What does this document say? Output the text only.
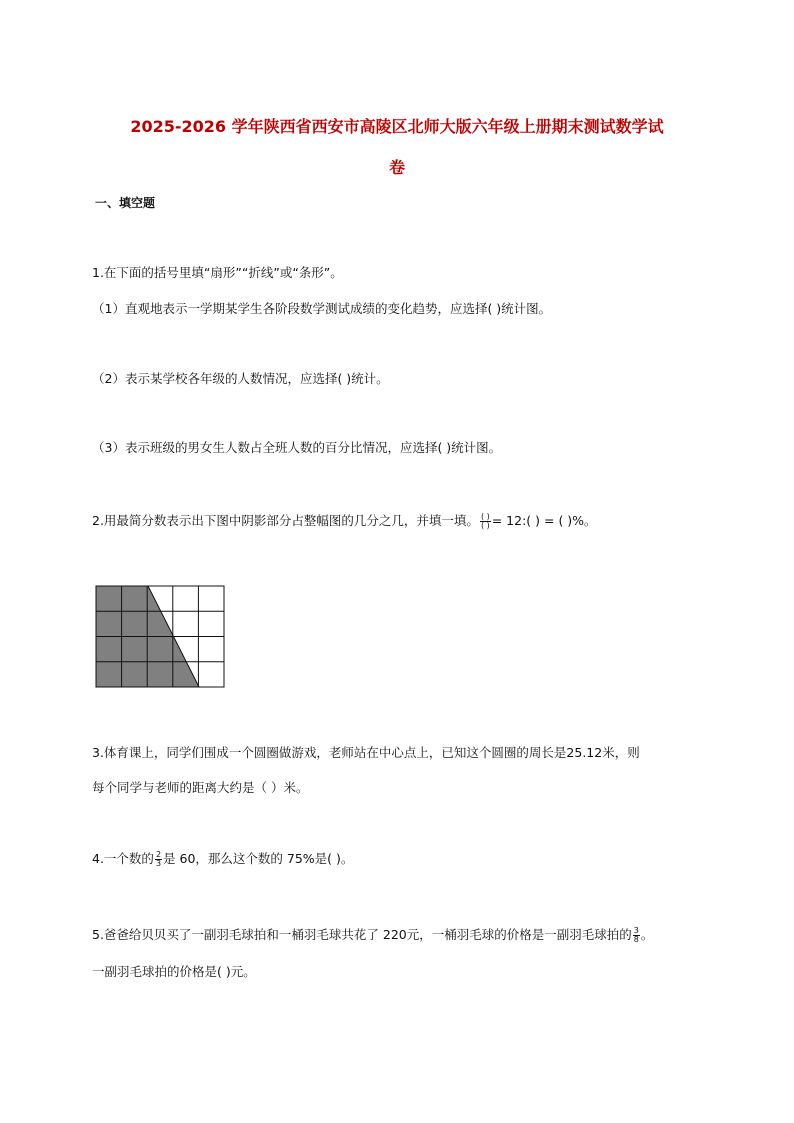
2025-2026 学年陕西省西安市高陵区北师大版六年级上册期末测试数学试
卷
一、填空题
1.在下面的括号里填“扇形”“折线”或“条形”。
（1）直观地表示一学期某学生各阶段数学测试成绩的变化趋势，应选择( )统计图。
（2）表示某学校各年级的人数情况，应选择( )统计。
（3）表示班级的男女生人数占全班人数的百分比情况，应选择( )统计图。
2.用最简分数表示出下图中阴影部分占整幅图的几分之几，并填一填。 $\frac{( )}{( )}$ = 12:( ) = ( )%。
3.体育课上，同学们围成一个圆圈做游戏，老师站在中心点上，已知这个圆圈的周长是25.12米，则
每个同学与老师的距离大约是（ ）米。
4.一个数的 $\frac{2}{3}$ 是 60，那么这个数的 75%是( )。
5.爸爸给贝贝买了一副羽毛球拍和一桶羽毛球共花了 220元，一桶羽毛球的价格是一副羽毛球拍的 $\frac{3}{8}$ 。
一副羽毛球拍的价格是( )元。
